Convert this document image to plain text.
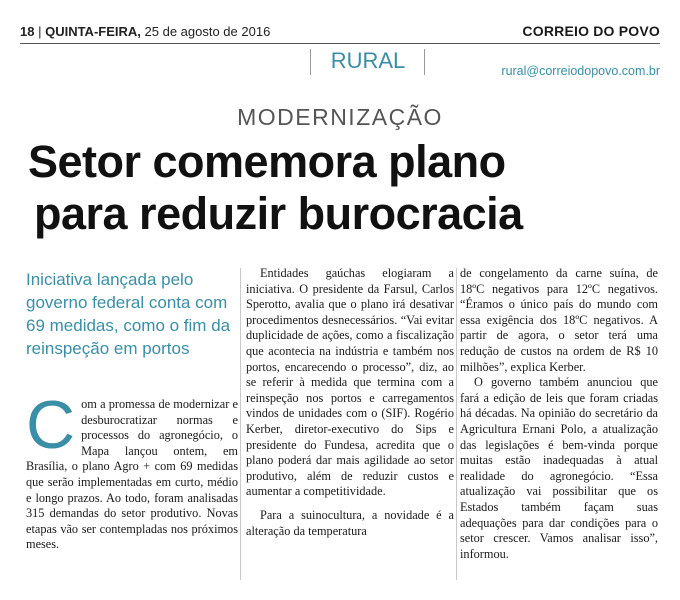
18 | QUINTA-FEIRA, 25 de agosto de 2016	CORREIO DO POVO
RURAL	rural@correiodopovo.com.br
MODERNIZAÇÃO
Setor comemora plano
para reduzir burocracia
Iniciativa lançada pelo governo federal conta com 69 medidas, como o fim da reinspeção em portos
C om a promessa de modernizar e desburocratizar normas e processos do agronegócio, o Mapa lançou ontem, em Brasília, o plano Agro + com 69 medidas que serão implementadas em curto, médio e longo prazos. Ao todo, foram analisadas 315 demandas do setor produtivo. Novas etapas vão ser contempladas nos próximos meses.

Entidades gaúchas elogiaram a iniciativa. O presidente da Farsul, Carlos Sperotto, avalia que o plano irá desativar procedimentos desnecessários. “Vai evitar duplicidade de ações, como a fiscalização que acontecia na indústria e também nos portos, encarecendo o processo”, diz, ao se referir à medida que termina com a reinspeção nos portos e carregamentos vindos de unidades com o (SIF). Rogério Kerber, diretor-executivo do Sips e presidente do Fundesa, acredita que o plano poderá dar mais agilidade ao setor produtivo, além de reduzir custos e aumentar a competitividade.

Para a suinocultura, a novidade é a alteração da temperatura

de congelamento da carne suína, de 18ºC negativos para 12ºC negativos. “Éramos o único país do mundo com essa exigência dos 18ºC negativos. A partir de agora, o setor terá uma redução de custos na ordem de R$ 10 milhões”, explica Kerber.

O governo também anunciou que fará a edição de leis que foram criadas há décadas. Na opinião do secretário da Agricultura Ernani Polo, a atualização das legislações é bem-vinda porque muitas estão inadequadas à atual realidade do agronegócio. “Essa atualização vai possibilitar que os Estados também façam suas adequações para dar condições para o setor crescer. Vamos analisar isso”, informou.
